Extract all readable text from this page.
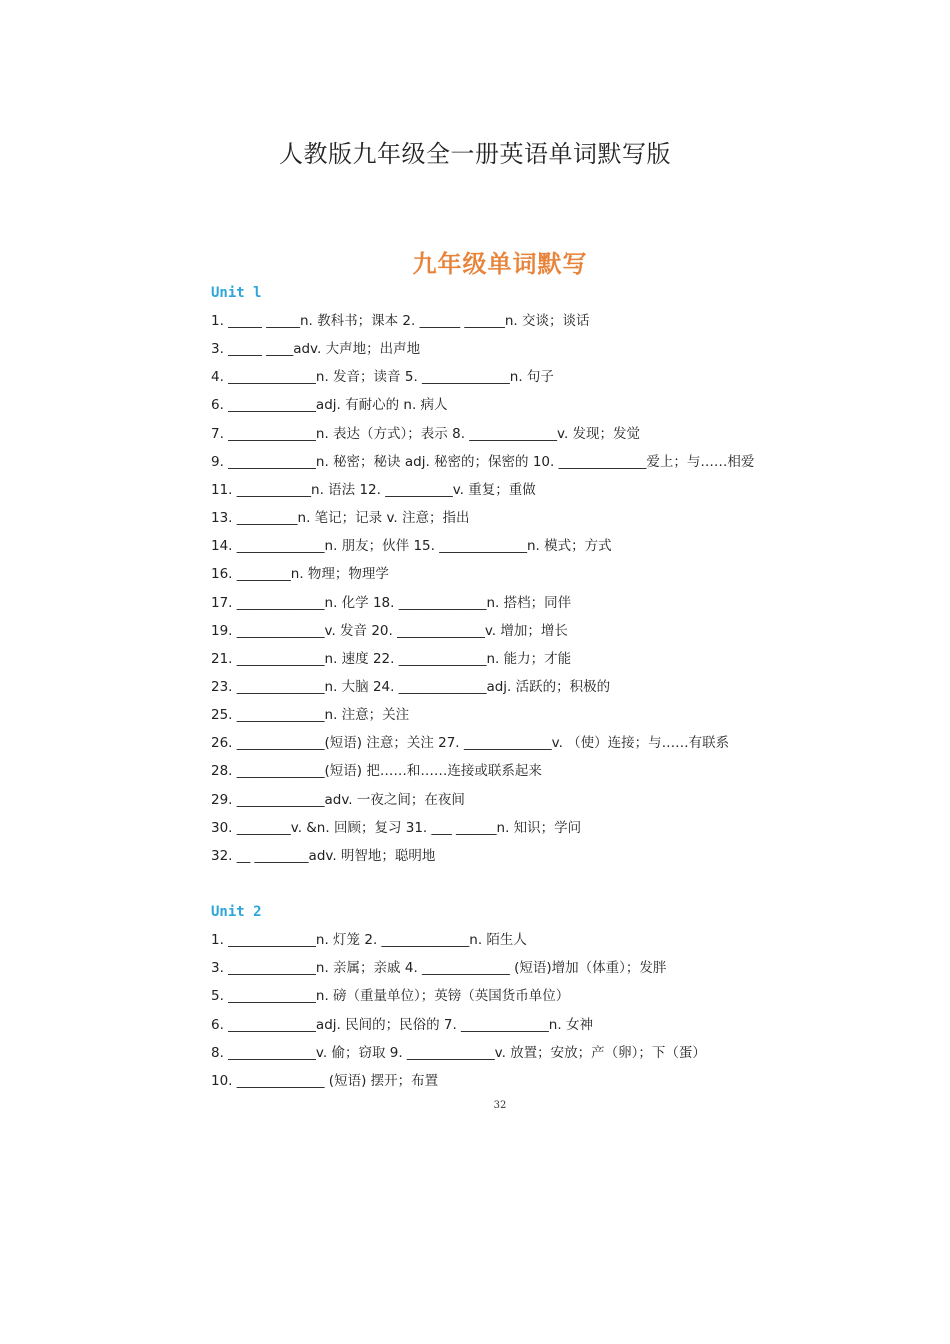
人教版九年级全一册英语单词默写版
九年级单词默写
Unit l
1. _____ _____n. 教科书；课本 2. ______ ______n. 交谈；谈话
3. _____ ____adv. 大声地；出声地
4. _____________n. 发音；读音 5. _____________n. 句子
6. _____________adj. 有耐心的 n. 病人
7. _____________n. 表达（方式）；表示 8. _____________v. 发现；发觉
9. _____________n. 秘密；秘诀 adj. 秘密的；保密的 10. _____________爱上；与……相爱
11. ___________n. 语法 12. __________v. 重复；重做
13. _________n. 笔记；记录 v. 注意；指出
14. _____________n. 朋友；伙伴 15. _____________n. 模式；方式
16. ________n. 物理；物理学
17. _____________n. 化学 18. _____________n. 搭档；同伴
19. _____________v. 发音 20. _____________v. 增加；增长
21. _____________n. 速度 22. _____________n. 能力；才能
23. _____________n. 大脑 24. _____________adj. 活跃的；积极的
25. _____________n. 注意；关注
26. _____________(短语) 注意；关注 27. _____________v. （使）连接；与……有联系
28. _____________(短语) 把……和……连接或联系起来
29. _____________adv. 一夜之间；在夜间
30. ________v. &n. 回顾；复习 31. ___ ______n. 知识；学问
32. __ ________adv. 明智地；聪明地
Unit 2
1. _____________n. 灯笼 2. _____________n. 陌生人
3. _____________n. 亲属；亲戚 4. _____________ (短语)增加（体重）；发胖
5. _____________n. 磅（重量单位）；英镑（英国货币单位）
6. _____________adj. 民间的；民俗的 7. _____________n. 女神
8. _____________v. 偷；窃取 9. _____________v. 放置；安放；产（卵）；下（蛋）
10. _____________ (短语) 摆开；布置
32
